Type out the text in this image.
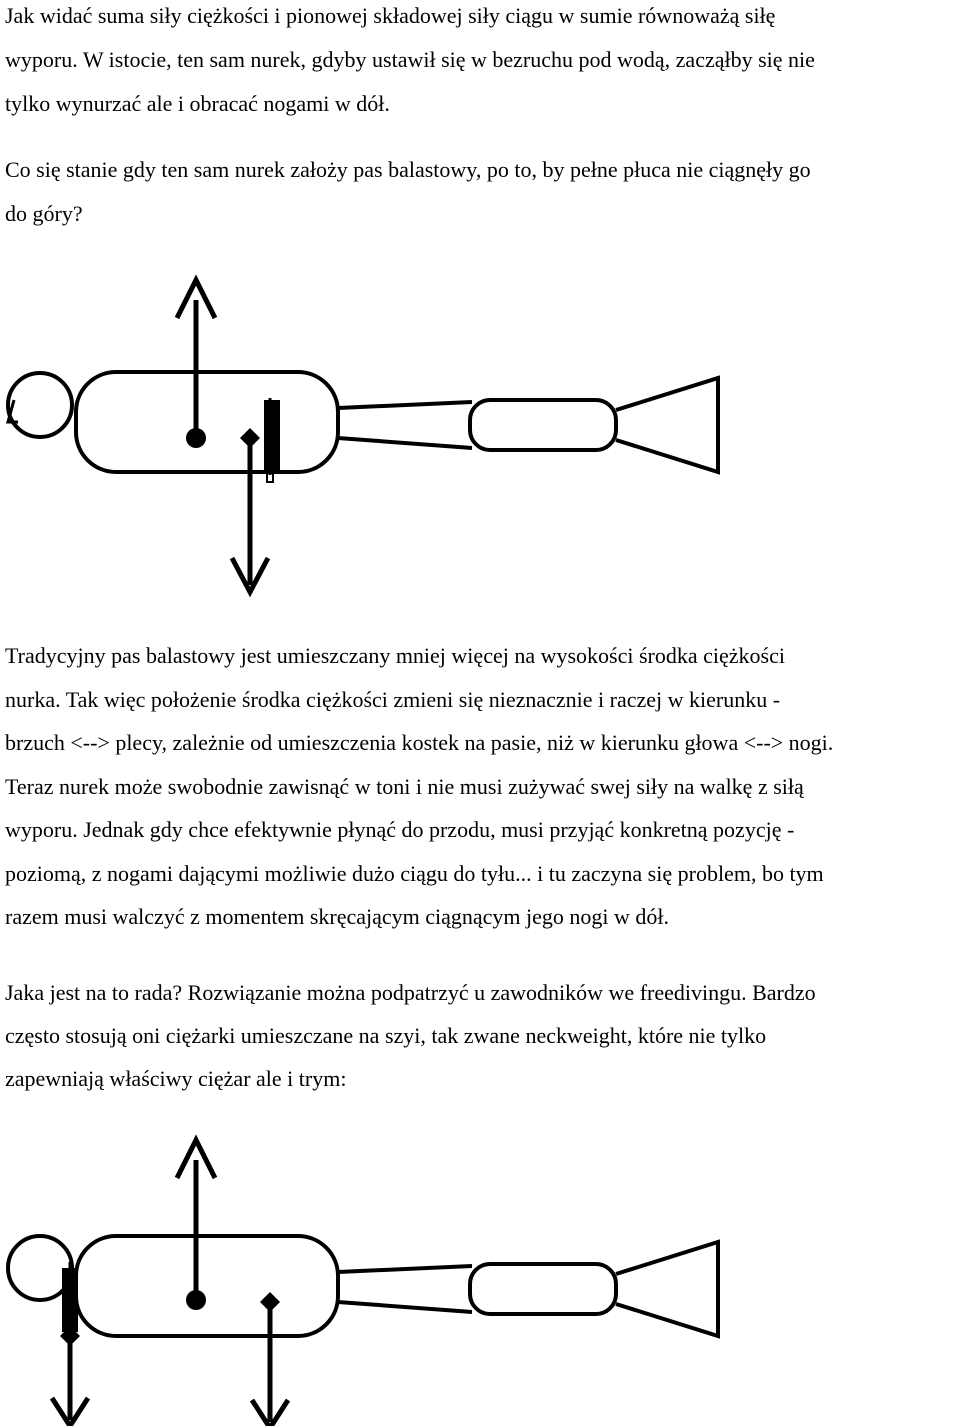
Jak widać suma siły ciężkości i pionowej składowej siły ciągu w sumie równoważą siłę
wyporu. W istocie, ten sam nurek, gdyby ustawił się w bezruchu pod wodą, zacząłby się nie
tylko wynurzać ale i obracać nogami w dół.
Co się stanie gdy ten sam nurek założy pas balastowy, po to, by pełne płuca nie ciągnęły go
do góry?
Tradycyjny pas balastowy jest umieszczany mniej więcej na wysokości środka ciężkości
nurka. Tak więc położenie środka ciężkości zmieni się nieznacznie i raczej w kierunku -
brzuch <--> plecy, zależnie od umieszczenia kostek na pasie, niż w kierunku głowa <--> nogi.
Teraz nurek może swobodnie zawisnąć w toni i nie musi zużywać swej siły na walkę z siłą
wyporu. Jednak gdy chce efektywnie płynąć do przodu, musi przyjąć konkretną pozycję -
poziomą, z nogami dającymi możliwie dużo ciągu do tyłu... i tu zaczyna się problem, bo tym
razem musi walczyć z momentem skręcającym ciągnącym jego nogi w dół.
Jaka jest na to rada? Rozwiązanie można podpatrzyć u zawodników we freedivingu. Bardzo
często stosują oni ciężarki umieszczane na szyi, tak zwane neckweight, które nie tylko
zapewniają właściwy ciężar ale i trym:
